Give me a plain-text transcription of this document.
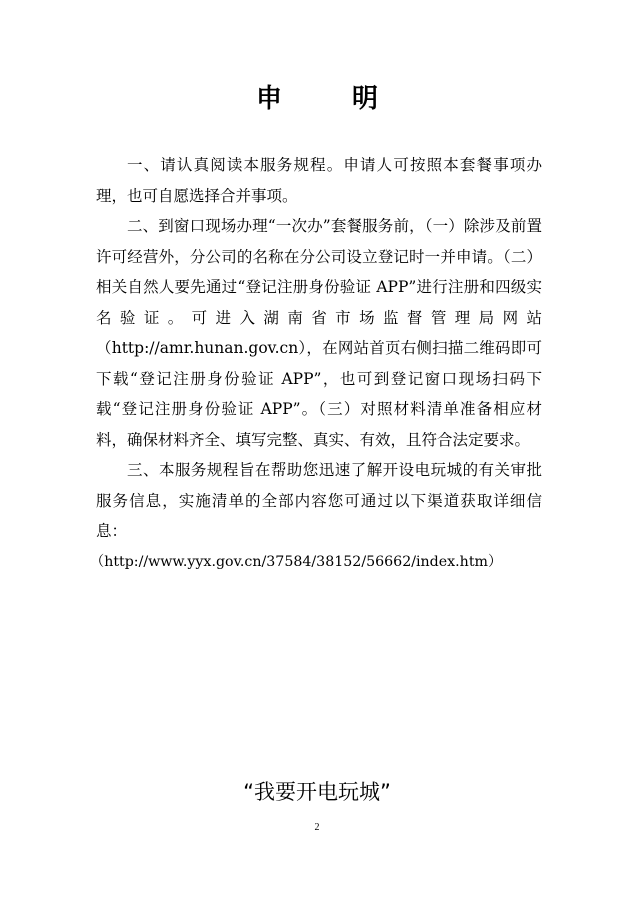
申　明

一、请认真阅读本服务规程。申请人可按照本套餐事项办理，也可自愿选择合并事项。

二、到窗口现场办理“一次办”套餐服务前，（一）除涉及前置许可经营外，分公司的名称在分公司设立登记时一并申请。（二）相关自然人要先通过“登记注册身份验证 APP”进行注册和四级实名验证。可进入湖南省市场监督管理局网站（http://amr.hunan.gov.cn），在网站首页右侧扫描二维码即可下载“登记注册身份验证 APP”，也可到登记窗口现场扫码下载“登记注册身份验证 APP”。（三）对照材料清单准备相应材料，确保材料齐全、填写完整、真实、有效，且符合法定要求。

三、本服务规程旨在帮助您迅速了解开设电玩城的有关审批服务信息，实施清单的全部内容您可通过以下渠道获取详细信息：

（http://www.yyx.gov.cn/37584/38152/56662/index.htm）

“我要开电玩城”
2
